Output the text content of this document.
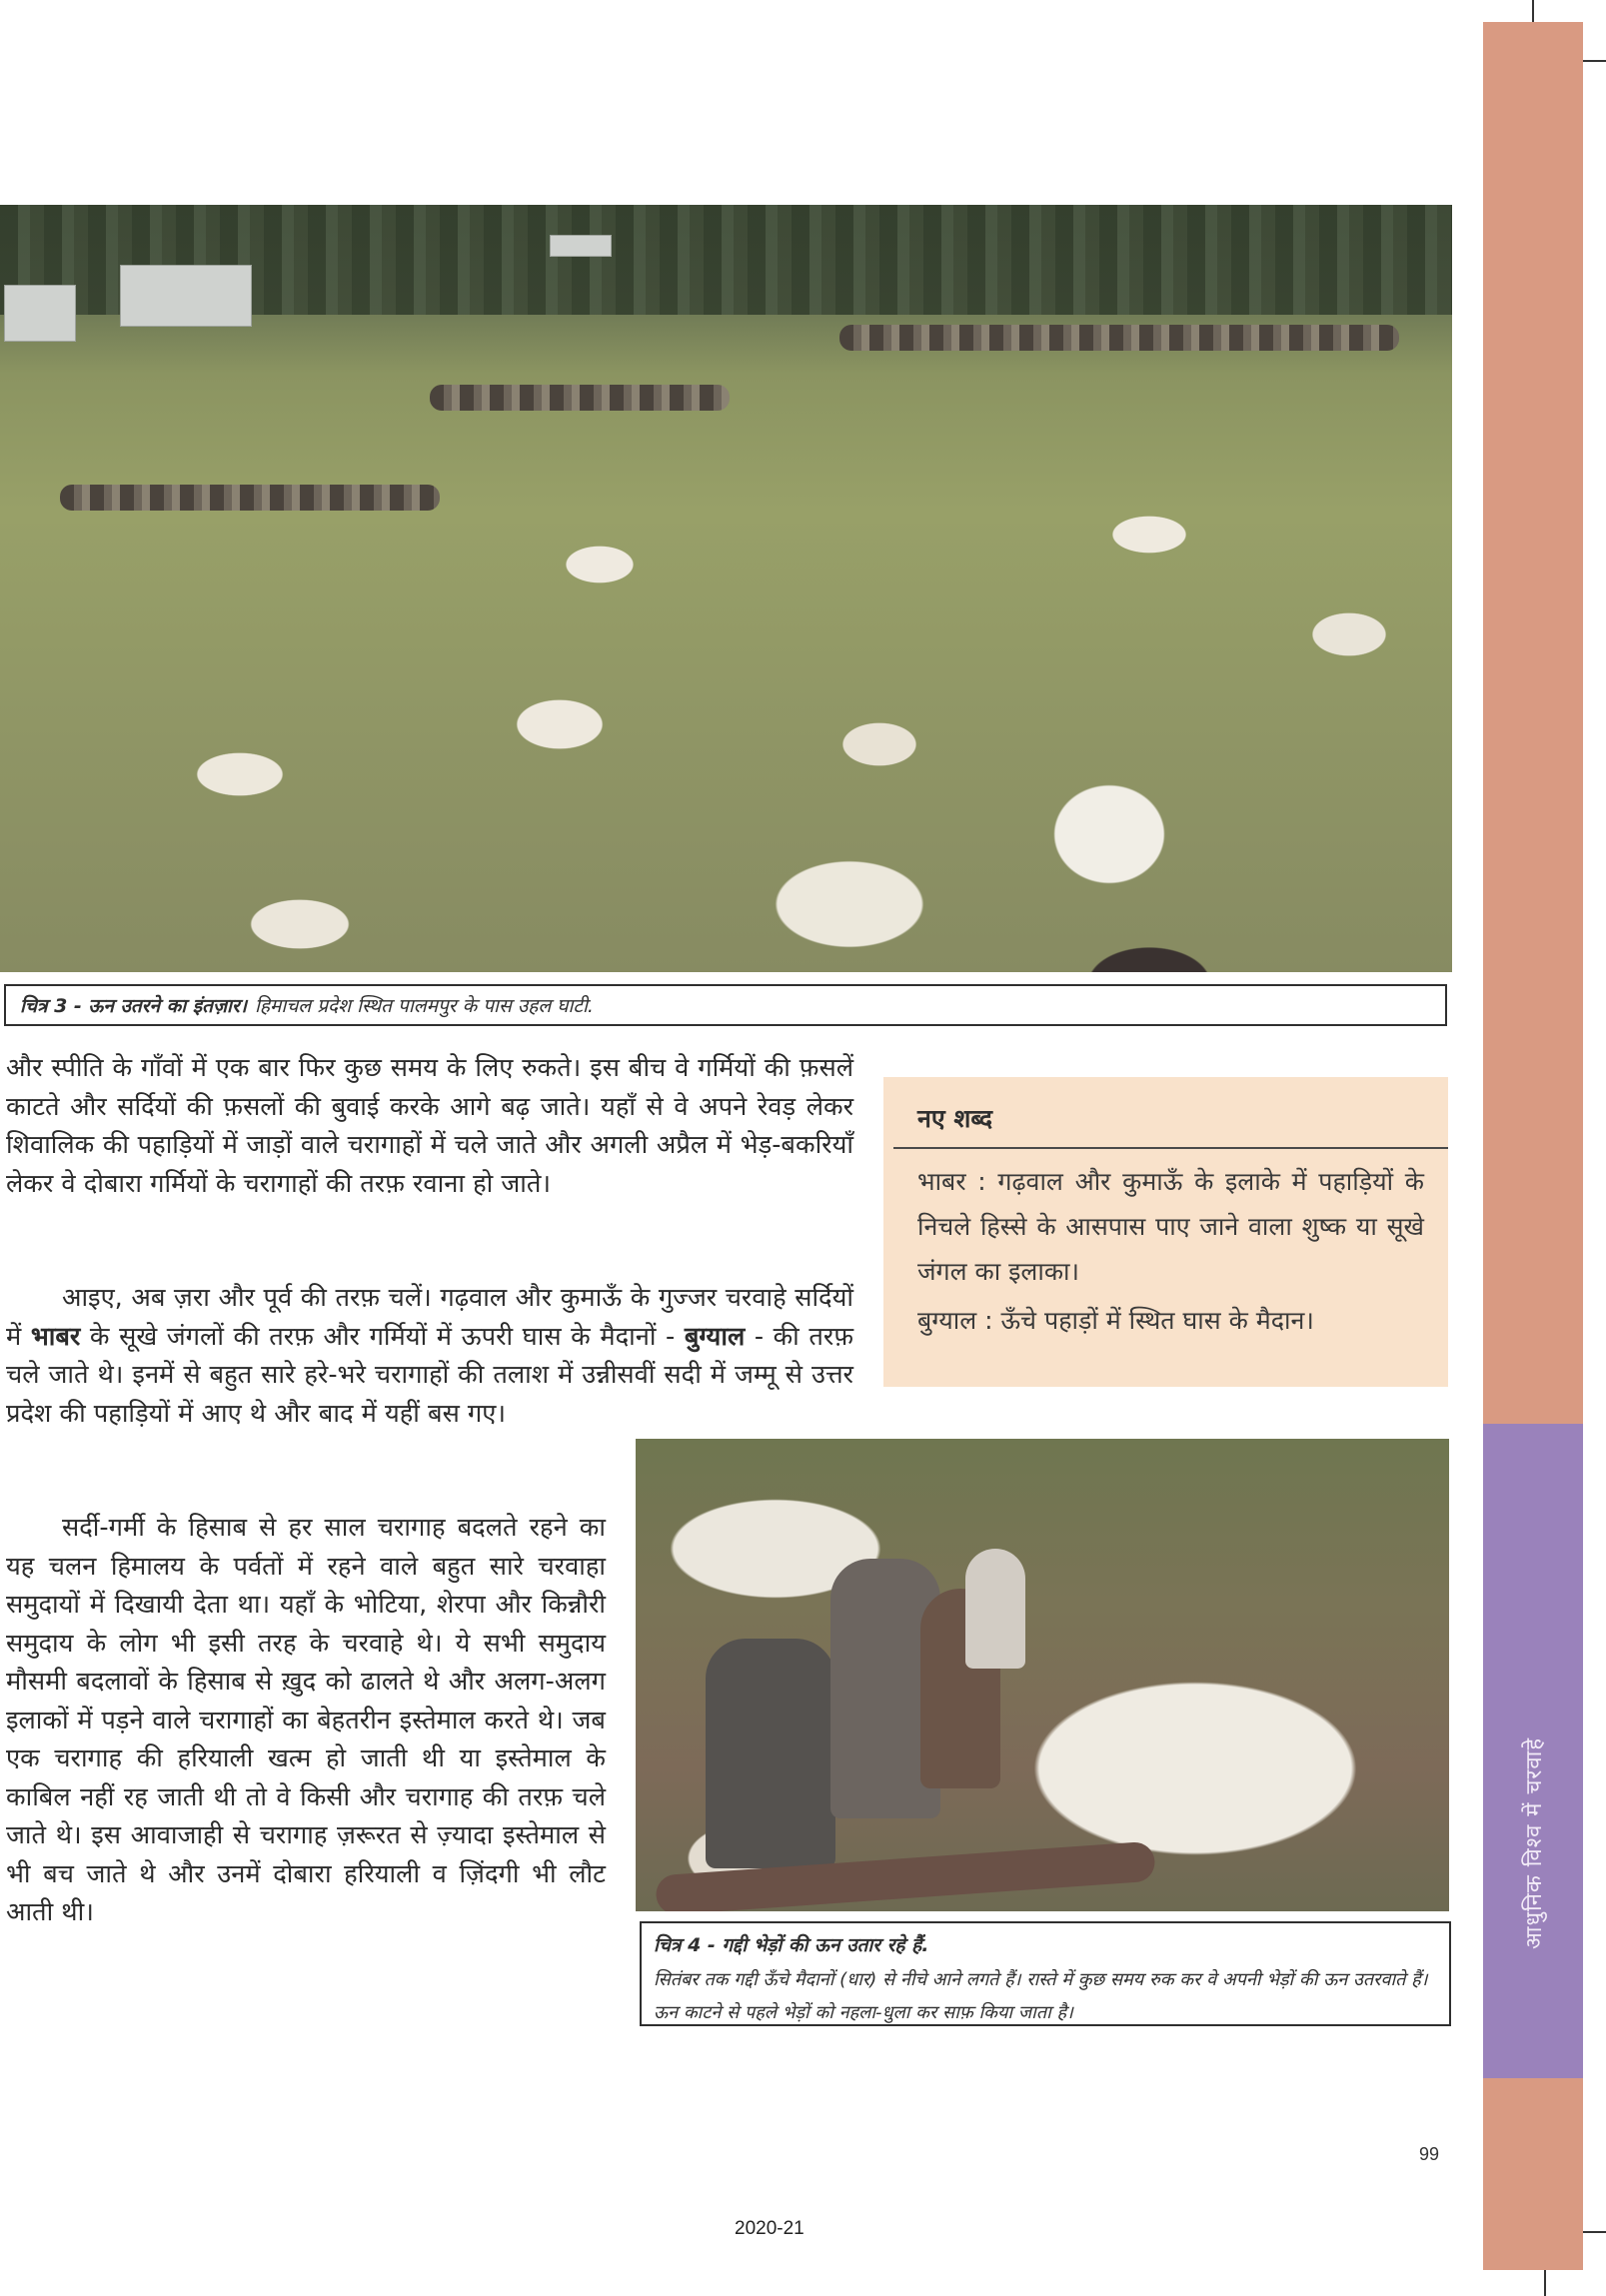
आधुनिक विश्व में चरवाहे
चित्र 3 - ऊन उतरने का इंतज़ार। हिमाचल प्रदेश स्थित पालमपुर के पास उहल घाटी.

और स्पीति के गाँवों में एक बार फिर कुछ समय के लिए रुकते। इस बीच वे गर्मियों की फ़सलें काटते और सर्दियों की फ़सलों की बुवाई करके आगे बढ़ जाते। यहाँ से वे अपने रेवड़ लेकर शिवालिक की पहाड़ियों में जाड़ों वाले चरागाहों में चले जाते और अगली अप्रैल में भेड़-बकरियाँ लेकर वे दोबारा गर्मियों के चरागाहों की तरफ़ रवाना हो जाते।

आइए, अब ज़रा और पूर्व की तरफ़ चलें। गढ़वाल और कुमाऊँ के गुज्जर चरवाहे सर्दियों में भाबर के सूखे जंगलों की तरफ़ और गर्मियों में ऊपरी घास के मैदानों - बुग्याल - की तरफ़ चले जाते थे। इनमें से बहुत सारे हरे-भरे चरागाहों की तलाश में उन्नीसवीं सदी में जम्मू से उत्तर प्रदेश की पहाड़ियों में आए थे और बाद में यहीं बस गए।

सर्दी-गर्मी के हिसाब से हर साल चरागाह बदलते रहने का यह चलन हिमालय के पर्वतों में रहने वाले बहुत सारे चरवाहा समुदायों में दिखायी देता था। यहाँ के भोटिया, शेरपा और किन्नौरी समुदाय के लोग भी इसी तरह के चरवाहे थे। ये सभी समुदाय मौसमी बदलावों के हिसाब से ख़ुद को ढालते थे और अलग-अलग इलाकों में पड़ने वाले चरागाहों का बेहतरीन इस्तेमाल करते थे। जब एक चरागाह की हरियाली खत्म हो जाती थी या इस्तेमाल के काबिल नहीं रह जाती थी तो वे किसी और चरागाह की तरफ़ चले जाते थे। इस आवाजाही से चरागाह ज़रूरत से ज़्यादा इस्तेमाल से भी बच जाते थे और उनमें दोबारा हरियाली व ज़िंदगी भी लौट आती थी।

नए शब्द

भाबर : गढ़वाल और कुमाऊँ के इलाके में पहाड़ियों के निचले हिस्से के आसपास पाए जाने वाला शुष्क या सूखे जंगल का इलाका।

बुग्याल : ऊँचे पहाड़ों में स्थित घास के मैदान।

चित्र 4 - गद्दी भेड़ों की ऊन उतार रहे हैं.
सितंबर तक गद्दी ऊँचे मैदानों (धार) से नीचे आने लगते हैं। रास्ते में कुछ समय रुक कर वे अपनी भेड़ों की ऊन उतरवाते हैं। ऊन काटने से पहले भेड़ों को नहला-धुला कर साफ़ किया जाता है।
99
2020-21
